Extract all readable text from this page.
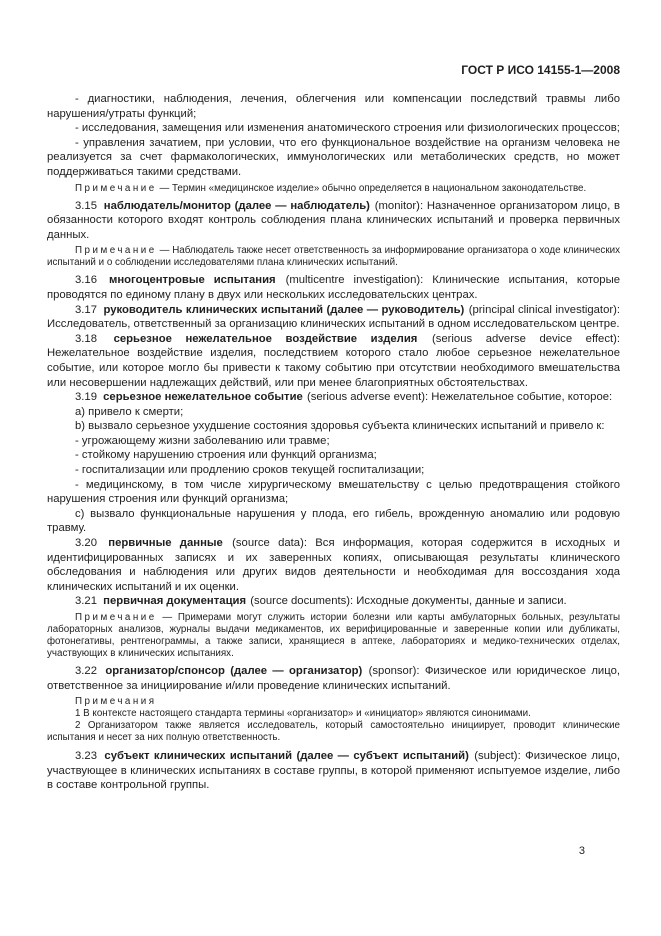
ГОСТ Р ИСО 14155-1—2008

- диагностики, наблюдения, лечения, облегчения или компенсации последствий травмы либо нарушения/утраты функций;

- исследования, замещения или изменения анатомического строения или физиологических процессов;

- управления зачатием, при условии, что его функциональное воздействие на организм человека не реализуется за счет фармакологических, иммунологических или метаболических средств, но может поддерживаться такими средствами.

Примечание — Термин «медицинское изделие» обычно определяется в национальном законодательстве.

3.15 наблюдатель/монитор (далее — наблюдатель) (monitor): Назначенное организатором лицо, в обязанности которого входят контроль соблюдения плана клинических испытаний и проверка первичных данных.

Примечание — Наблюдатель также несет ответственность за информирование организатора о ходе клинических испытаний и о соблюдении исследователями плана клинических испытаний.

3.16 многоцентровые испытания (multicentre investigation): Клинические испытания, которые проводятся по единому плану в двух или нескольких исследовательских центрах.

3.17 руководитель клинических испытаний (далее — руководитель) (principal clinical investigator): Исследователь, ответственный за организацию клинических испытаний в одном исследовательском центре.

3.18 серьезное нежелательное воздействие изделия (serious adverse device effect): Нежелательное воздействие изделия, последствием которого стало любое серьезное нежелательное событие, или которое могло бы привести к такому событию при отсутствии необходимого вмешательства или несовершении надлежащих действий, или при менее благоприятных обстоятельствах.

3.19 серьезное нежелательное событие (serious adverse event): Нежелательное событие, которое:

a) привело к смерти;

b) вызвало серьезное ухудшение состояния здоровья субъекта клинических испытаний и привело к:

- угрожающему жизни заболеванию или травме;

- стойкому нарушению строения или функций организма;

- госпитализации или продлению сроков текущей госпитализации;

- медицинскому, в том числе хирургическому вмешательству с целью предотвращения стойкого нарушения строения или функций организма;

c) вызвало функциональные нарушения у плода, его гибель, врожденную аномалию или родовую травму.

3.20 первичные данные (source data): Вся информация, которая содержится в исходных и идентифицированных записях и их заверенных копиях, описывающая результаты клинического обследования и наблюдения или других видов деятельности и необходимая для воссоздания хода клинических испытаний и их оценки.

3.21 первичная документация (source documents): Исходные документы, данные и записи.

Примечание — Примерами могут служить истории болезни или карты амбулаторных больных, результаты лабораторных анализов, журналы выдачи медикаментов, их верифицированные и заверенные копии или дубликаты, фотонегативы, рентгенограммы, а также записи, хранящиеся в аптеке, лабораториях и медико-технических отделах, участвующих в клинических испытаниях.

3.22 организатор/спонсор (далее — организатор) (sponsor): Физическое или юридическое лицо, ответственное за инициирование и/или проведение клинических испытаний.

Примечания

1 В контексте настоящего стандарта термины «организатор» и «инициатор» являются синонимами.

2 Организатором также является исследователь, который самостоятельно инициирует, проводит клинические испытания и несет за них полную ответственность.

3.23 субъект клинических испытаний (далее — субъект испытаний) (subject): Физическое лицо, участвующее в клинических испытаниях в составе группы, в которой применяют испытуемое изделие, либо в составе контрольной группы.

3
